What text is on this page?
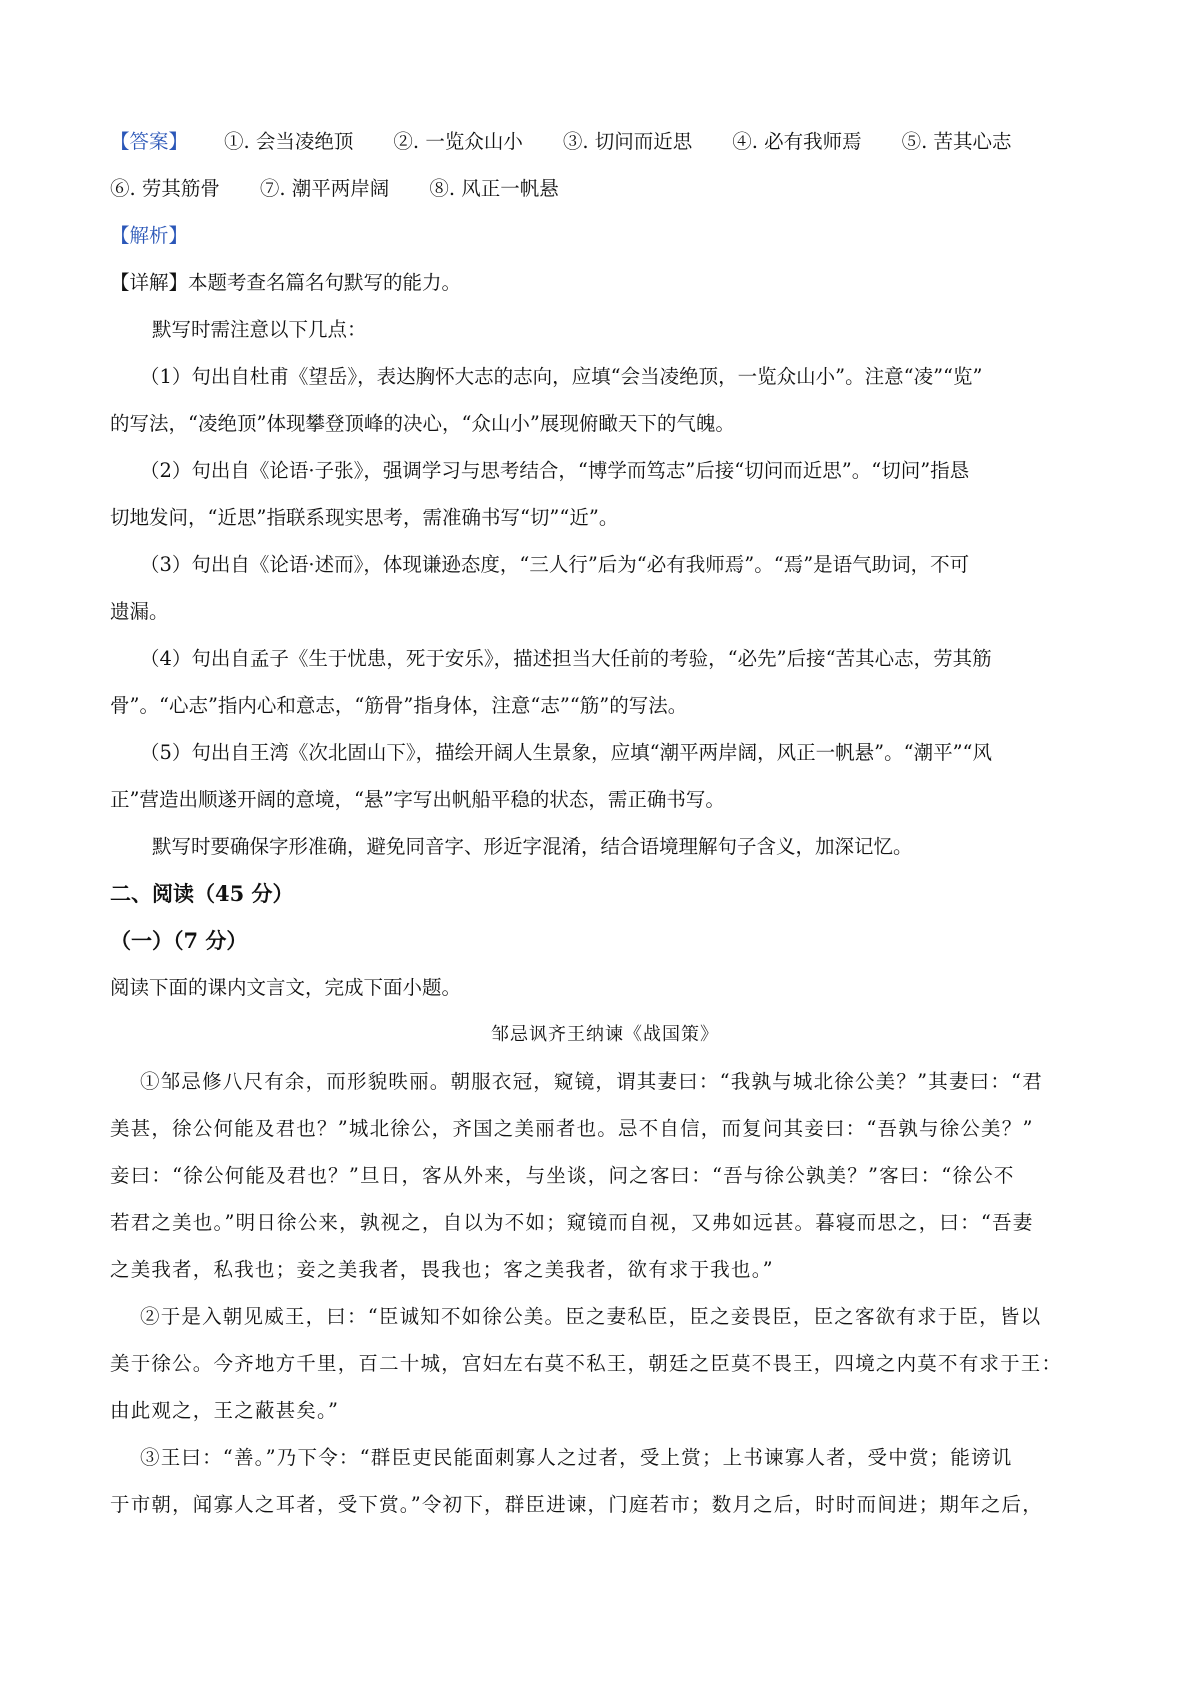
【答案】 ①. 会当凌绝顶 ②. 一览众山小 ③. 切问而近思 ④. 必有我师焉 ⑤. 苦其心志
⑥. 劳其筋骨 ⑦. 潮平两岸阔 ⑧. 风正一帆悬
【解析】
【详解】本题考查名篇名句默写的能力。
默写时需注意以下几点：
（1）句出自杜甫《望岳》，表达胸怀大志的志向，应填“会当凌绝顶，一览众山小”。注意“凌”“览”
的写法，“凌绝顶”体现攀登顶峰的决心，“众山小”展现俯瞰天下的气魄。
（2）句出自《论语·子张》，强调学习与思考结合，“博学而笃志”后接“切问而近思”。“切问”指恳
切地发问，“近思”指联系现实思考，需准确书写“切”“近”。
（3）句出自《论语·述而》，体现谦逊态度，“三人行”后为“必有我师焉”。“焉”是语气助词，不可
遗漏。
（4）句出自孟子《生于忧患，死于安乐》，描述担当大任前的考验，“必先”后接“苦其心志，劳其筋
骨”。“心志”指内心和意志，“筋骨”指身体，注意“志”“筋”的写法。
（5）句出自王湾《次北固山下》，描绘开阔人生景象，应填“潮平两岸阔，风正一帆悬”。“潮平”“风
正”营造出顺遂开阔的意境，“悬”字写出帆船平稳的状态，需正确书写。
默写时要确保字形准确，避免同音字、形近字混淆，结合语境理解句子含义，加深记忆。
二、阅读（45 分）
（一）（7 分）
阅读下面的课内文言文，完成下面小题。
邹忌讽齐王纳谏《战国策》
①邹忌修八尺有余，而形貌昳丽。朝服衣冠，窥镜，谓其妻曰：“我孰与城北徐公美？”其妻曰：“君
美甚，徐公何能及君也？”城北徐公，齐国之美丽者也。忌不自信，而复问其妾曰：“吾孰与徐公美？”
妾曰：“徐公何能及君也？”旦日，客从外来，与坐谈，问之客曰：“吾与徐公孰美？”客曰：“徐公不
若君之美也。”明日徐公来，孰视之，自以为不如；窥镜而自视，又弗如远甚。暮寝而思之，曰：“吾妻
之美我者，私我也；妾之美我者，畏我也；客之美我者，欲有求于我也。”
②于是入朝见威王，曰：“臣诚知不如徐公美。臣之妻私臣，臣之妾畏臣，臣之客欲有求于臣，皆以
美于徐公。今齐地方千里，百二十城，宫妇左右莫不私王，朝廷之臣莫不畏王，四境之内莫不有求于王：
由此观之，王之蔽甚矣。”
③王曰：“善。”乃下令：“群臣吏民能面刺寡人之过者，受上赏；上书谏寡人者，受中赏；能谤讥
于市朝，闻寡人之耳者，受下赏。”令初下，群臣进谏，门庭若市；数月之后，时时而间进；期年之后，
